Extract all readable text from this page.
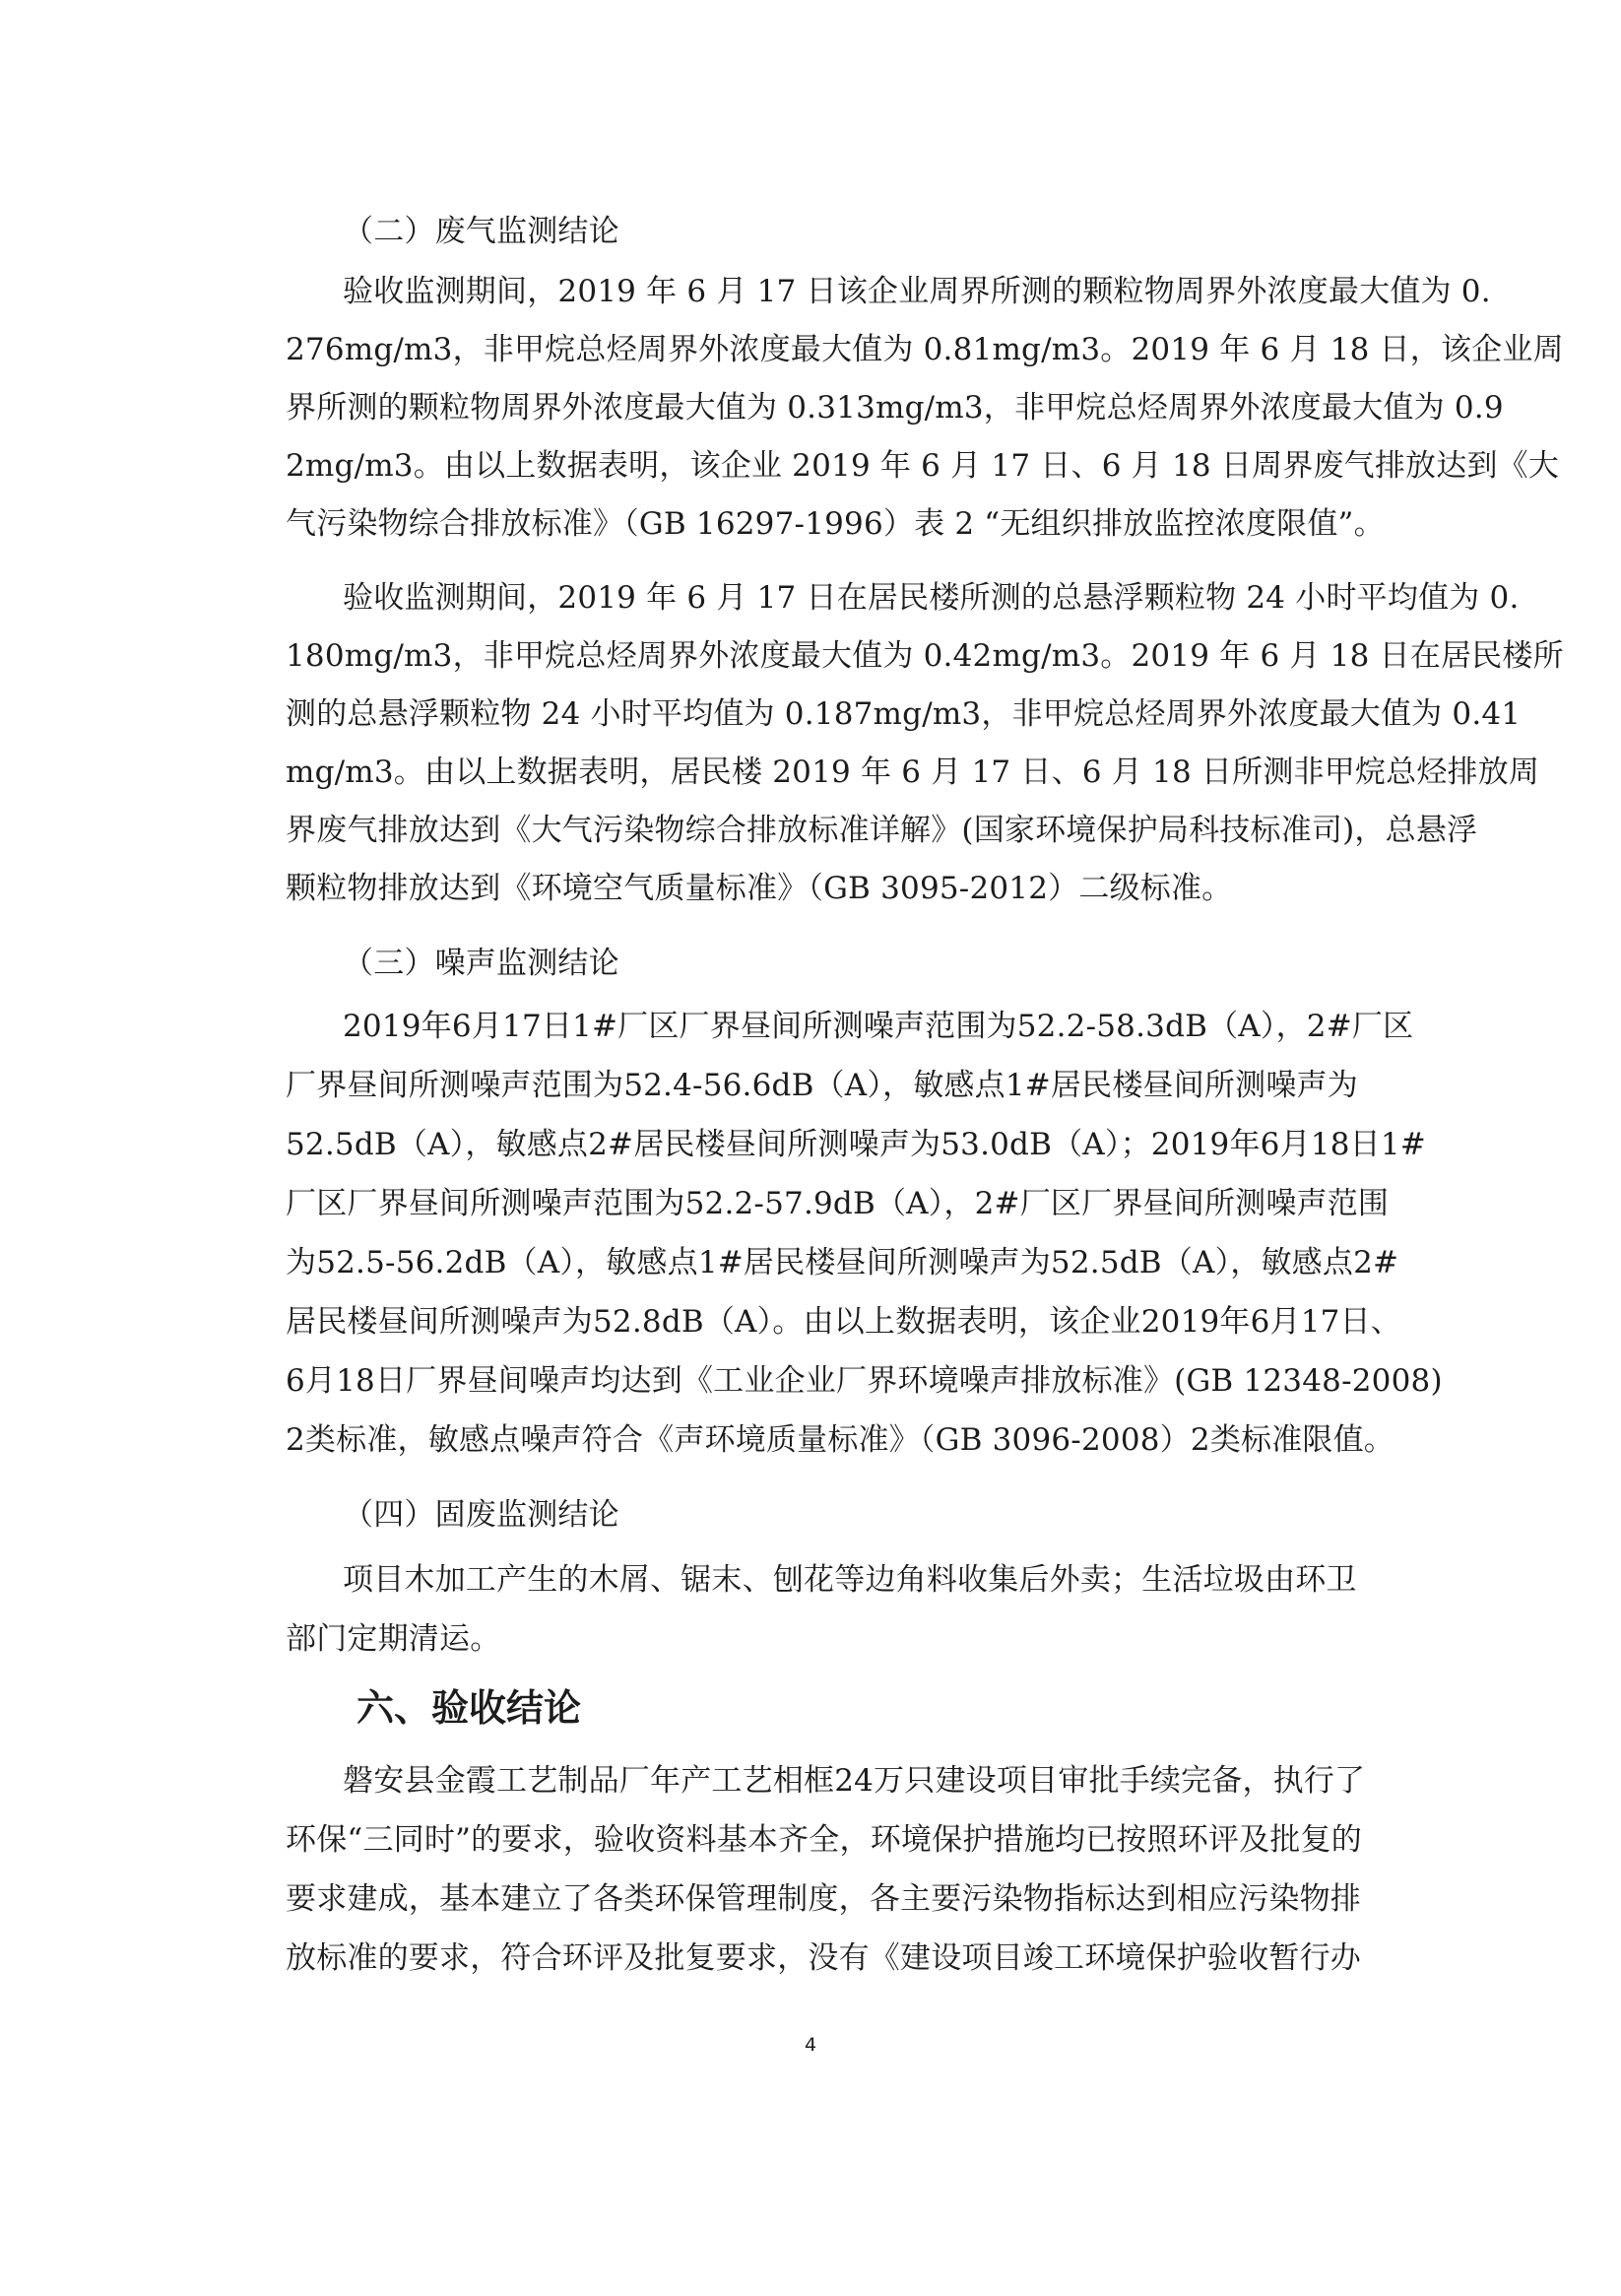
（二）废气监测结论

验收监测期间，2019 年 6 月 17 日该企业周界所测的颗粒物周界外浓度最大值为 0.

276mg/m3，非甲烷总烃周界外浓度最大值为 0.81mg/m3。2019 年 6 月 18 日，该企业周

界所测的颗粒物周界外浓度最大值为 0.313mg/m3，非甲烷总烃周界外浓度最大值为 0.9

2mg/m3。由以上数据表明，该企业 2019 年 6 月 17 日、6 月 18 日周界废气排放达到《大

气污染物综合排放标准》（GB 16297-1996）表 2 “无组织排放监控浓度限值”。

验收监测期间，2019 年 6 月 17 日在居民楼所测的总悬浮颗粒物 24 小时平均值为 0.

180mg/m3，非甲烷总烃周界外浓度最大值为 0.42mg/m3。2019 年 6 月 18 日在居民楼所

测的总悬浮颗粒物 24 小时平均值为 0.187mg/m3，非甲烷总烃周界外浓度最大值为 0.41

mg/m3。由以上数据表明，居民楼 2019 年 6 月 17 日、6 月 18 日所测非甲烷总烃排放周

界废气排放达到《大气污染物综合排放标准详解》(国家环境保护局科技标准司)，总悬浮

颗粒物排放达到《环境空气质量标准》（GB 3095-2012）二级标准。

（三）噪声监测结论

2019年6月17日1#厂区厂界昼间所测噪声范围为52.2-58.3dB（A），2#厂区

厂界昼间所测噪声范围为52.4-56.6dB（A），敏感点1#居民楼昼间所测噪声为

52.5dB（A），敏感点2#居民楼昼间所测噪声为53.0dB（A）；2019年6月18日1#

厂区厂界昼间所测噪声范围为52.2-57.9dB（A），2#厂区厂界昼间所测噪声范围

为52.5-56.2dB（A），敏感点1#居民楼昼间所测噪声为52.5dB（A），敏感点2#

居民楼昼间所测噪声为52.8dB（A）。由以上数据表明，该企业2019年6月17日、

6月18日厂界昼间噪声均达到《工业企业厂界环境噪声排放标准》(GB 12348-2008)

2类标准，敏感点噪声符合《声环境质量标准》（GB 3096-2008）2类标准限值。

（四）固废监测结论

项目木加工产生的木屑、锯末、刨花等边角料收集后外卖；生活垃圾由环卫

部门定期清运。

六、验收结论

磐安县金霞工艺制品厂年产工艺相框24万只建设项目审批手续完备，执行了

环保“三同时”的要求，验收资料基本齐全，环境保护措施均已按照环评及批复的

要求建成，基本建立了各类环保管理制度，各主要污染物指标达到相应污染物排

放标准的要求，符合环评及批复要求，没有《建设项目竣工环境保护验收暂行办

4
